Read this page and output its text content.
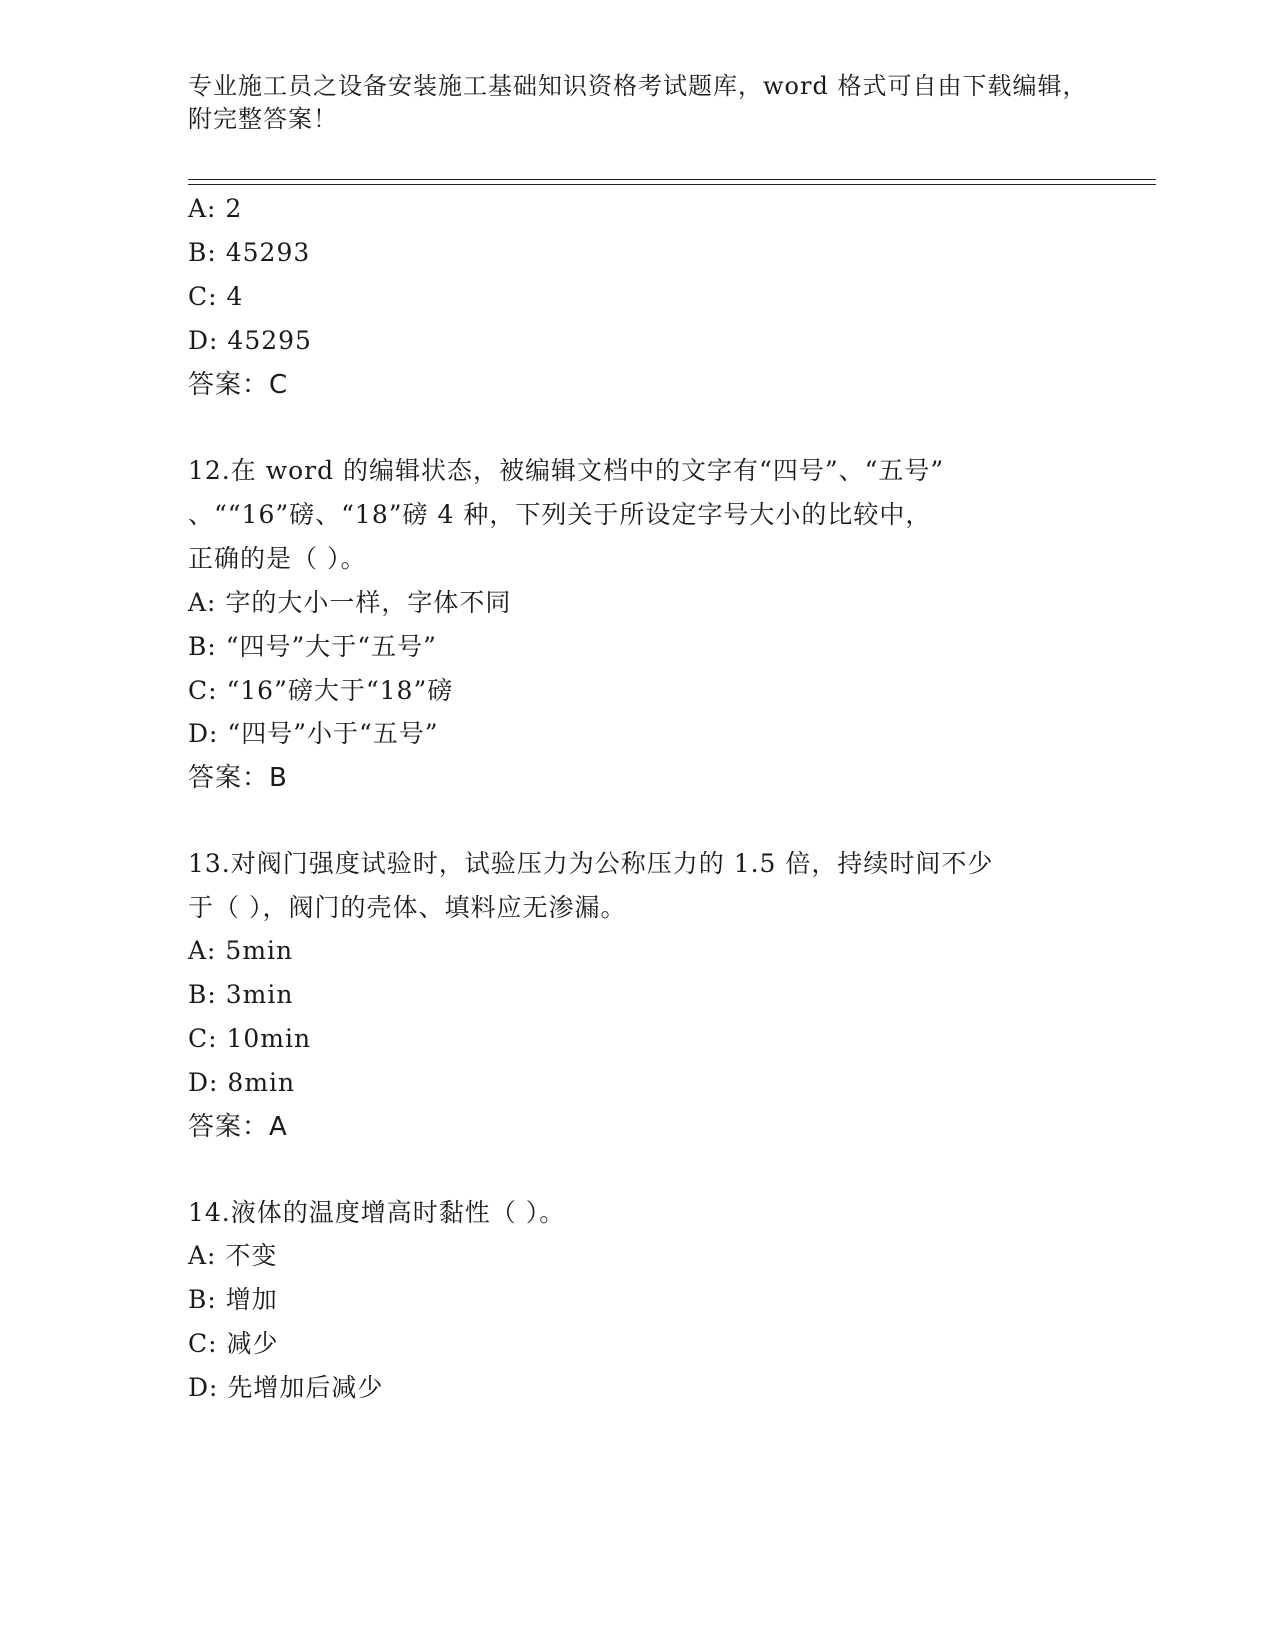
专业施工员之设备安装施工基础知识资格考试题库，word 格式可自由下载编辑，
附完整答案！
A: 2
B: 45293
C: 4
D: 45295
答案：C
12.在 word 的编辑状态，被编辑文档中的文字有“四号”、“五号”
、““16”磅、“18”磅 4 种，下列关于所设定字号大小的比较中，
正确的是（ ）。
A: 字的大小一样，字体不同
B: “四号”大于“五号”
C: “16”磅大于“18”磅
D: “四号”小于“五号”
答案：B
13.对阀门强度试验时，试验压力为公称压力的 1.5 倍，持续时间不少
于（ ），阀门的壳体、填料应无渗漏。
A: 5min
B: 3min
C: 10min
D: 8min
答案：A
14.液体的温度增高时黏性（ ）。
A: 不变
B: 增加
C: 减少
D: 先增加后减少
